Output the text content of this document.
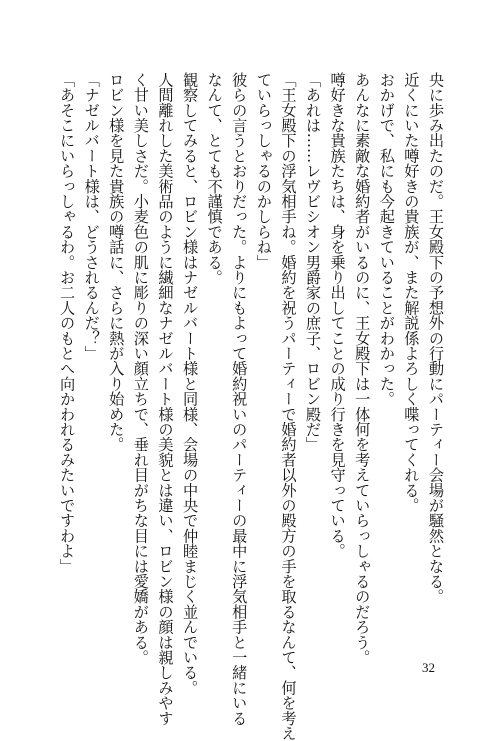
央に歩み出たのだ。王女殿下の予想外の行動にパーティー会場が騒然となる。
近くにいた噂好きの貴族が、また解説係よろしく喋ってくれる。
おかげで、私にも今起きていることがわかった。
あんなに素敵な婚約者がいるのに、王女殿下は一体何を考えていらっしゃるのだろう。
噂好きな貴族たちは、身を乗り出してことの成り行きを見守っている。
「あれは……レヴビシオン男爵家の庶子、ロビン殿だ」
「王女殿下の浮気相手ね。婚約を祝うパーティーで婚約者以外の殿方の手を取るなんて、何を考え
ていらっしゃるのかしらね」
彼らの言うとおりだった。よりにもよって婚約祝いのパーティーの最中に浮気相手と一緒にいる
なんて、とても不謹慎である。
観察してみると、ロビン様はナゼルバート様と同様、会場の中央で仲睦まじく並んでいる。
人間離れした美術品のように繊細なナゼルバート様の美貌とは違い、ロビン様の顔は親しみやす
く甘い美しさだ。小麦色の肌に彫りの深い顔立ちで、垂れ目がちな目には愛嬌がある。
ロビン様を見た貴族の噂話に、さらに熱が入り始めた。
「ナゼルバート様は、どうされるんだ？」
「あそこにいらっしゃるわ。お二人のもとへ向かわれるみたいですわよ」
32
